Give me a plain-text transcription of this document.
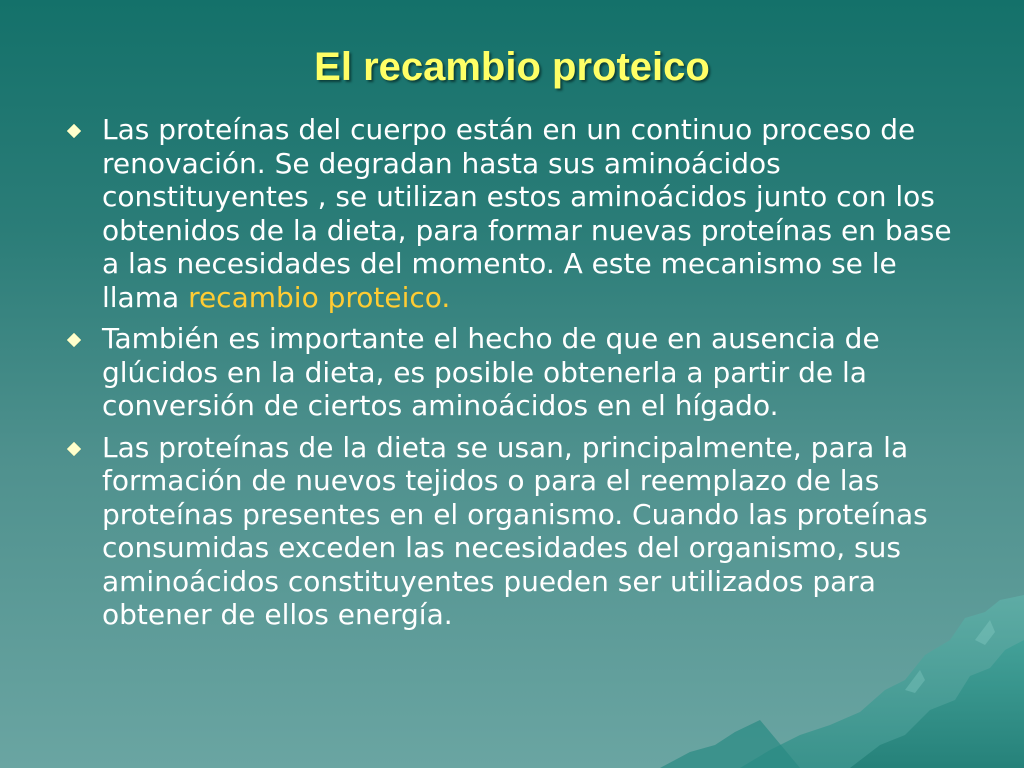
El recambio proteico
Las proteínas del cuerpo están en un continuo proceso de renovación. Se degradan hasta sus aminoácidos constituyentes , se utilizan estos aminoácidos junto con los obtenidos de la dieta, para formar nuevas proteínas en base a las necesidades del momento. A este mecanismo se le llama recambio proteico.
También es importante el hecho de que en ausencia de glúcidos en la dieta, es posible obtenerla a partir de la conversión de ciertos aminoácidos en el hígado.
Las proteínas de la dieta se usan, principalmente, para la formación de nuevos tejidos o para el reemplazo de las proteínas presentes en el organismo. Cuando las proteínas consumidas exceden las necesidades del organismo, sus aminoácidos constituyentes pueden ser utilizados para obtener de ellos energía.
